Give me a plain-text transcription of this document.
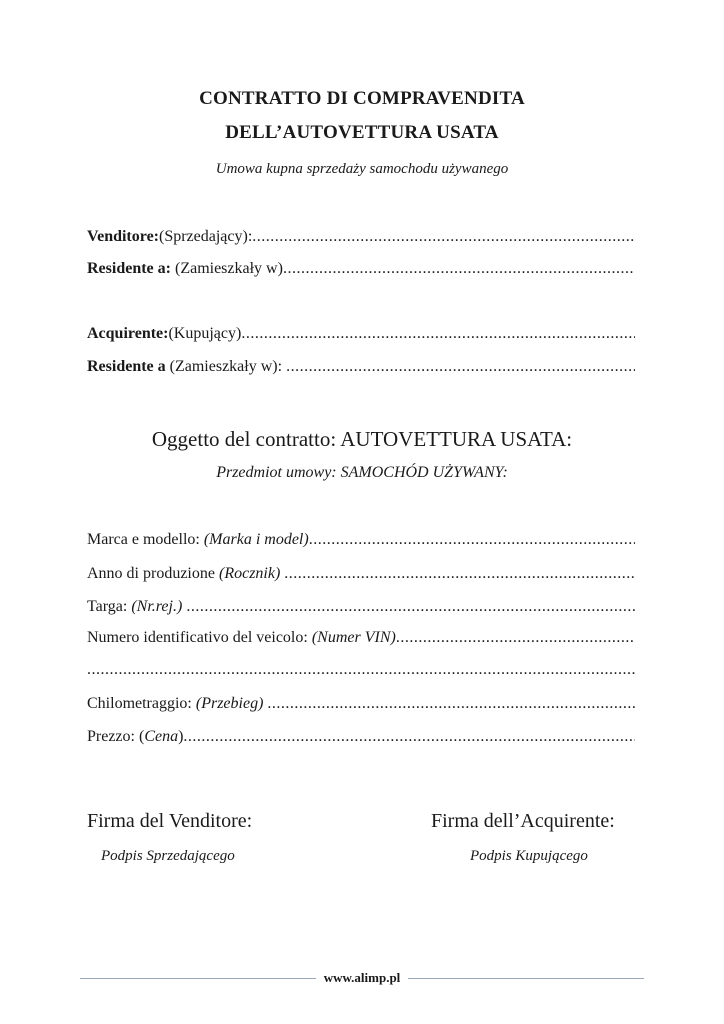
CONTRATTO DI COMPRAVENDITA
DELL’AUTOVETTURA USATA
Umowa kupna sprzedaży samochodu używanego
Venditore: (Sprzedający):
.....
Residente a: (Zamieszkały w)
.....
Acquirente: (Kupujący)
.....
Residente a (Zamieszkały w):
.....
Oggetto del contratto: AUTOVETTURA USATA:
Przedmiot umowy: SAMOCHÓD UŻYWANY:
Marca e modello: (Marka i model)
.....
Anno di produzione (Rocznik)

.....
Targa: (Nr.rej.)

.....
Numero identificativo del veicolo: (Numer VIN)
.....
.....
Chilometraggio: (Przebieg)

.....
Prezzo: ( Cena )
.....
Firma del Venditore:	Firma dell’Acquirente:
Podpis Sprzedającego	Podpis Kupującego
www.alimp.pl
